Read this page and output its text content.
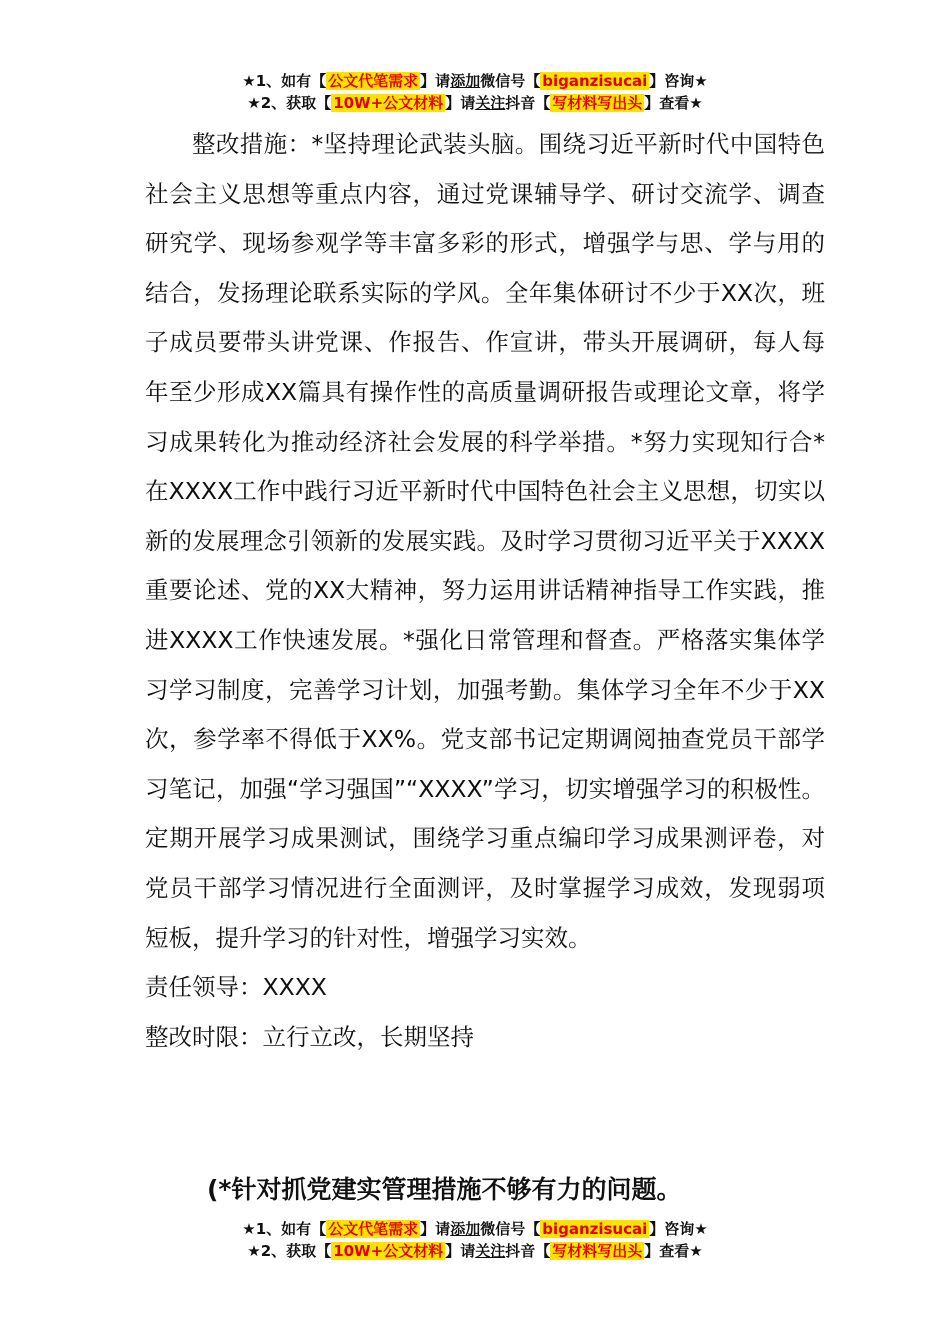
★1、如有【 公文代笔需求 】请添加微信号【 biganzisucai 】咨询★
★2、获取【 10W+公文材料 】请关注抖音【 写材料写出头 】查看★

整改措施：*坚持理论武装头脑。围绕习近平新时代中国特色社会主义思想等重点内容，通过党课辅导学、研讨交流学、调查研究学、现场参观学等丰富多彩的形式，增强学与思、学与用的结合，发扬理论联系实际的学风。全年集体研讨不少于XX次，班子成员要带头讲党课、作报告、作宣讲，带头开展调研，每人每年至少形成XX篇具有操作性的高质量调研报告或理论文章，将学习成果转化为推动经济社会发展的科学举措。*努力实现知行合*在XXXX工作中践行习近平新时代中国特色社会主义思想，切实以新的发展理念引领新的发展实践。及时学习贯彻习近平关于XXXX重要论述、党的XX大精神，努力运用讲话精神指导工作实践，推进XXXX工作快速发展。*强化日常管理和督查。严格落实集体学习学习制度，完善学习计划，加强考勤。集体学习全年不少于XX次，参学率不得低于XX%。党支部书记定期调阅抽查党员干部学习笔记，加强“学习强国”“XXXX”学习，切实增强学习的积极性。定期开展学习成果测试，围绕学习重点编印学习成果测评卷，对党员干部学习情况进行全面测评，及时掌握学习成效，发现弱项短板，提升学习的针对性，增强学习实效。

责任领导：XXXX

整改时限：立行立改，长期坚持

(*针对抓党建实管理措施不够有力的问题。
★1、如有【 公文代笔需求 】请添加微信号【 biganzisucai 】咨询★
★2、获取【 10W+公文材料 】请关注抖音【 写材料写出头 】查看★
